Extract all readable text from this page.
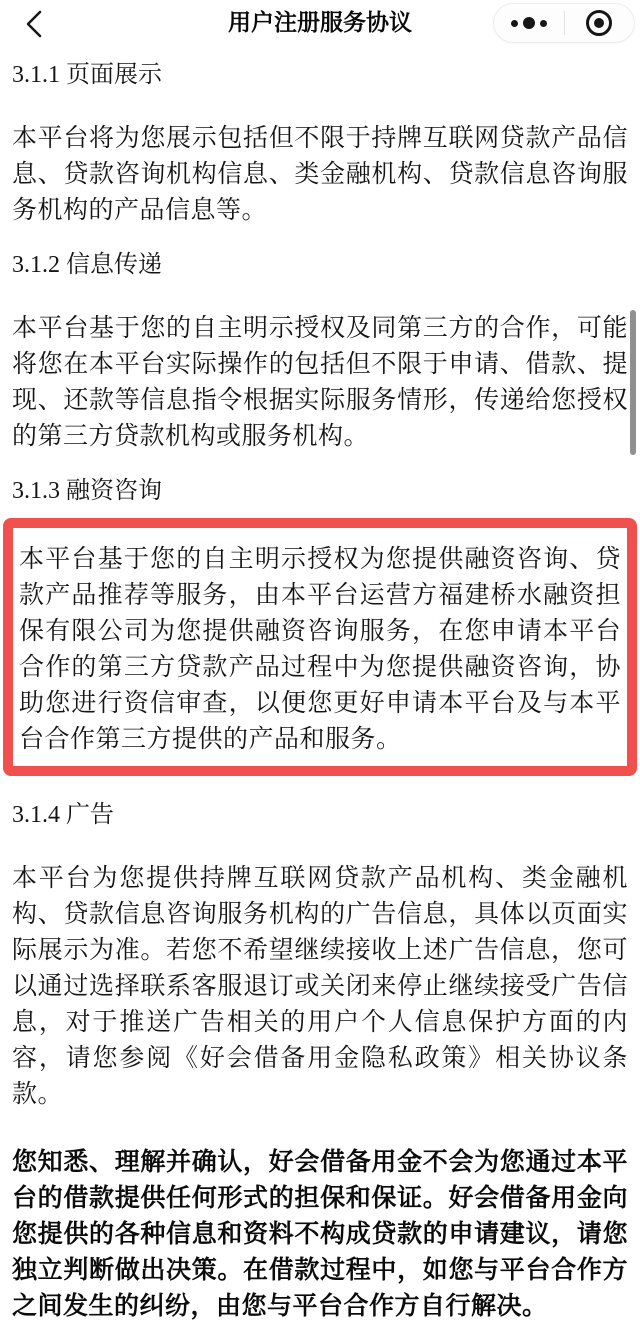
用户注册服务协议
3.1.1 页面展示

本平台将为您展示包括但不限于持牌互联网贷款产品信息、贷款咨询机构信息、类金融机构、贷款信息咨询服务机构的产品信息等。

3.1.2 信息传递

本平台基于您的自主明示授权及同第三方的合作，可能将您在本平台实际操作的包括但不限于申请、借款、提现、还款等信息指令根据实际服务情形，传递给您授权的第三方贷款机构或服务机构。

3.1.3 融资咨询

本平台基于您的自主明示授权为您提供融资咨询、贷款产品推荐等服务，由本平台运营方福建桥水融资担保有限公司为您提供融资咨询服务，在您申请本平台合作的第三方贷款产品过程中为您提供融资咨询，协助您进行资信审查，以便您更好申请本平台及与本平台合作第三方提供的产品和服务。

3.1.4 广告

本平台为您提供持牌互联网贷款产品机构、类金融机构、贷款信息咨询服务机构的广告信息，具体以页面实际展示为准。若您不希望继续接收上述广告信息，您可以通过选择联系客服退订或关闭来停止继续接受广告信息，对于推送广告相关的用户个人信息保护方面的内容，请您参阅《好会借备用金隐私政策》相关协议条款。

您知悉、理解并确认，好会借备用金不会为您通过本平台的借款提供任何形式的担保和保证。好会借备用金向您提供的各种信息和资料不构成贷款的申请建议，请您独立判断做出决策。在借款过程中，如您与平台合作方之间发生的纠纷，由您与平台合作方自行解决。
